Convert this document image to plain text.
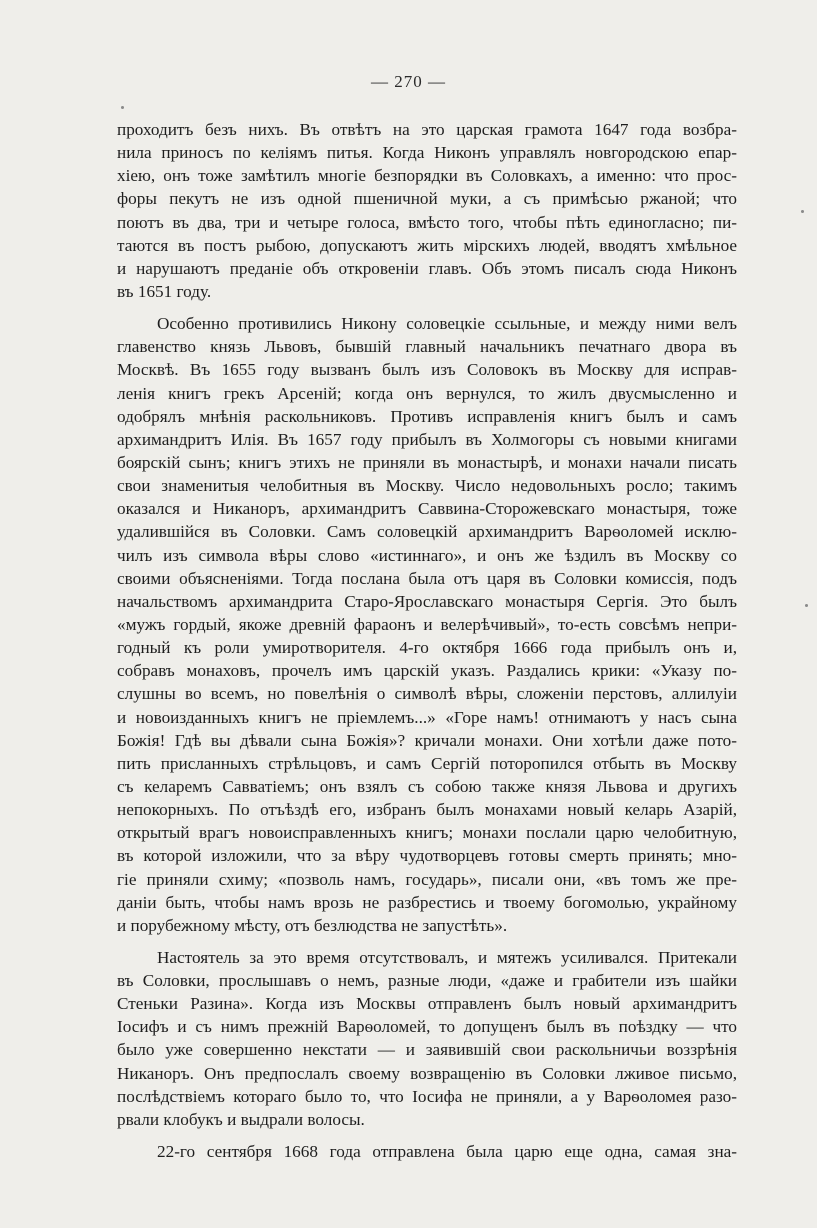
— 270 —
проходитъ безъ нихъ. Въ отвѣтъ на это царская грамота 1647 года возбра-
нила приносъ по келіямъ питья. Когда Никонъ управлялъ новгородскою епар-
хіею, онъ тоже замѣтилъ многіе безпорядки въ Соловкахъ, а именно: что прос-
форы пекутъ не изъ одной пшеничной муки, а съ примѣсью ржаной; что
поютъ въ два, три и четыре голоса, вмѣсто того, чтобы пѣть единогласно; пи-
таются въ постъ рыбою, допускаютъ жить мірскихъ людей, вводятъ хмѣльное
и нарушаютъ преданіе объ откровеніи главъ. Объ этомъ писалъ сюда Никонъ
въ 1651 году.
Особенно противились Никону соловецкіе ссыльные, и между ними велъ
главенство князь Львовъ, бывшій главный начальникъ печатнаго двора въ
Москвѣ. Въ 1655 году вызванъ былъ изъ Соловокъ въ Москву для исправ-
ленія книгъ грекъ Арсеній; когда онъ вернулся, то жилъ двусмысленно и
одобрялъ мнѣнія раскольниковъ. Противъ исправленія книгъ былъ и самъ
архимандритъ Илія. Въ 1657 году прибылъ въ Холмогоры съ новыми книгами
боярскій сынъ; книгъ этихъ не приняли въ монастырѣ, и монахи начали писать
свои знаменитыя челобитныя въ Москву. Число недовольныхъ росло; такимъ
оказался и Никаноръ, архимандритъ Саввина-Сторожевскаго монастыря, тоже
удалившійся въ Соловки. Самъ соловецкій архимандритъ Варѳоломей исклю-
чилъ изъ символа вѣры слово «истиннаго», и онъ же ѣздилъ въ Москву со
своими объясненіями. Тогда послана была отъ царя въ Соловки комиссія, подъ
начальствомъ архимандрита Старо-Ярославскаго монастыря Сергія. Это былъ
«мужъ гордый, якоже древній фараонъ и велерѣчивый», то-есть совсѣмъ непри-
годный къ роли умиротворителя. 4-го октября 1666 года прибылъ онъ и,
собравъ монаховъ, прочелъ имъ царскій указъ. Раздались крики: «Указу по-
слушны во всемъ, но повелѣнія о символѣ вѣры, сложеніи перстовъ, аллилуіи
и новоизданныхъ книгъ не пріемлемъ...» «Горе намъ! отнимаютъ у насъ сына
Божія! Гдѣ вы дѣвали сына Божія»? кричали монахи. Они хотѣли даже пото-
пить присланныхъ стрѣльцовъ, и самъ Сергій поторопился отбыть въ Москву
съ келаремъ Савватіемъ; онъ взялъ съ собою также князя Львова и другихъ
непокорныхъ. По отъѣздѣ его, избранъ былъ монахами новый келарь Азарій,
открытый врагъ новоисправленныхъ книгъ; монахи послали царю челобитную,
въ которой изложили, что за вѣру чудотворцевъ готовы смерть принять; мно-
гіе приняли схиму; «позволь намъ, государь», писали они, «въ томъ же пре-
даніи быть, чтобы намъ врозь не разбрестись и твоему богомолью, украйному
и порубежному мѣсту, отъ безлюдства не запустѣть».
Настоятель за это время отсутствовалъ, и мятежъ усиливался. Притекали
въ Соловки, прослышавъ о немъ, разные люди, «даже и грабители изъ шайки
Стеньки Разина». Когда изъ Москвы отправленъ былъ новый архимандритъ
Іосифъ и съ нимъ прежній Варѳоломей, то допущенъ былъ въ поѣздку — что
было уже совершенно некстати — и заявившій свои раскольничьи воззрѣнія
Никаноръ. Онъ предпослалъ своему возвращенію въ Соловки лживое письмо,
послѣдствіемъ котораго было то, что Іосифа не приняли, а у Варѳоломея разо-
рвали клобукъ и выдрали волосы.
22-го сентября 1668 года отправлена была царю еще одна, самая зна-
